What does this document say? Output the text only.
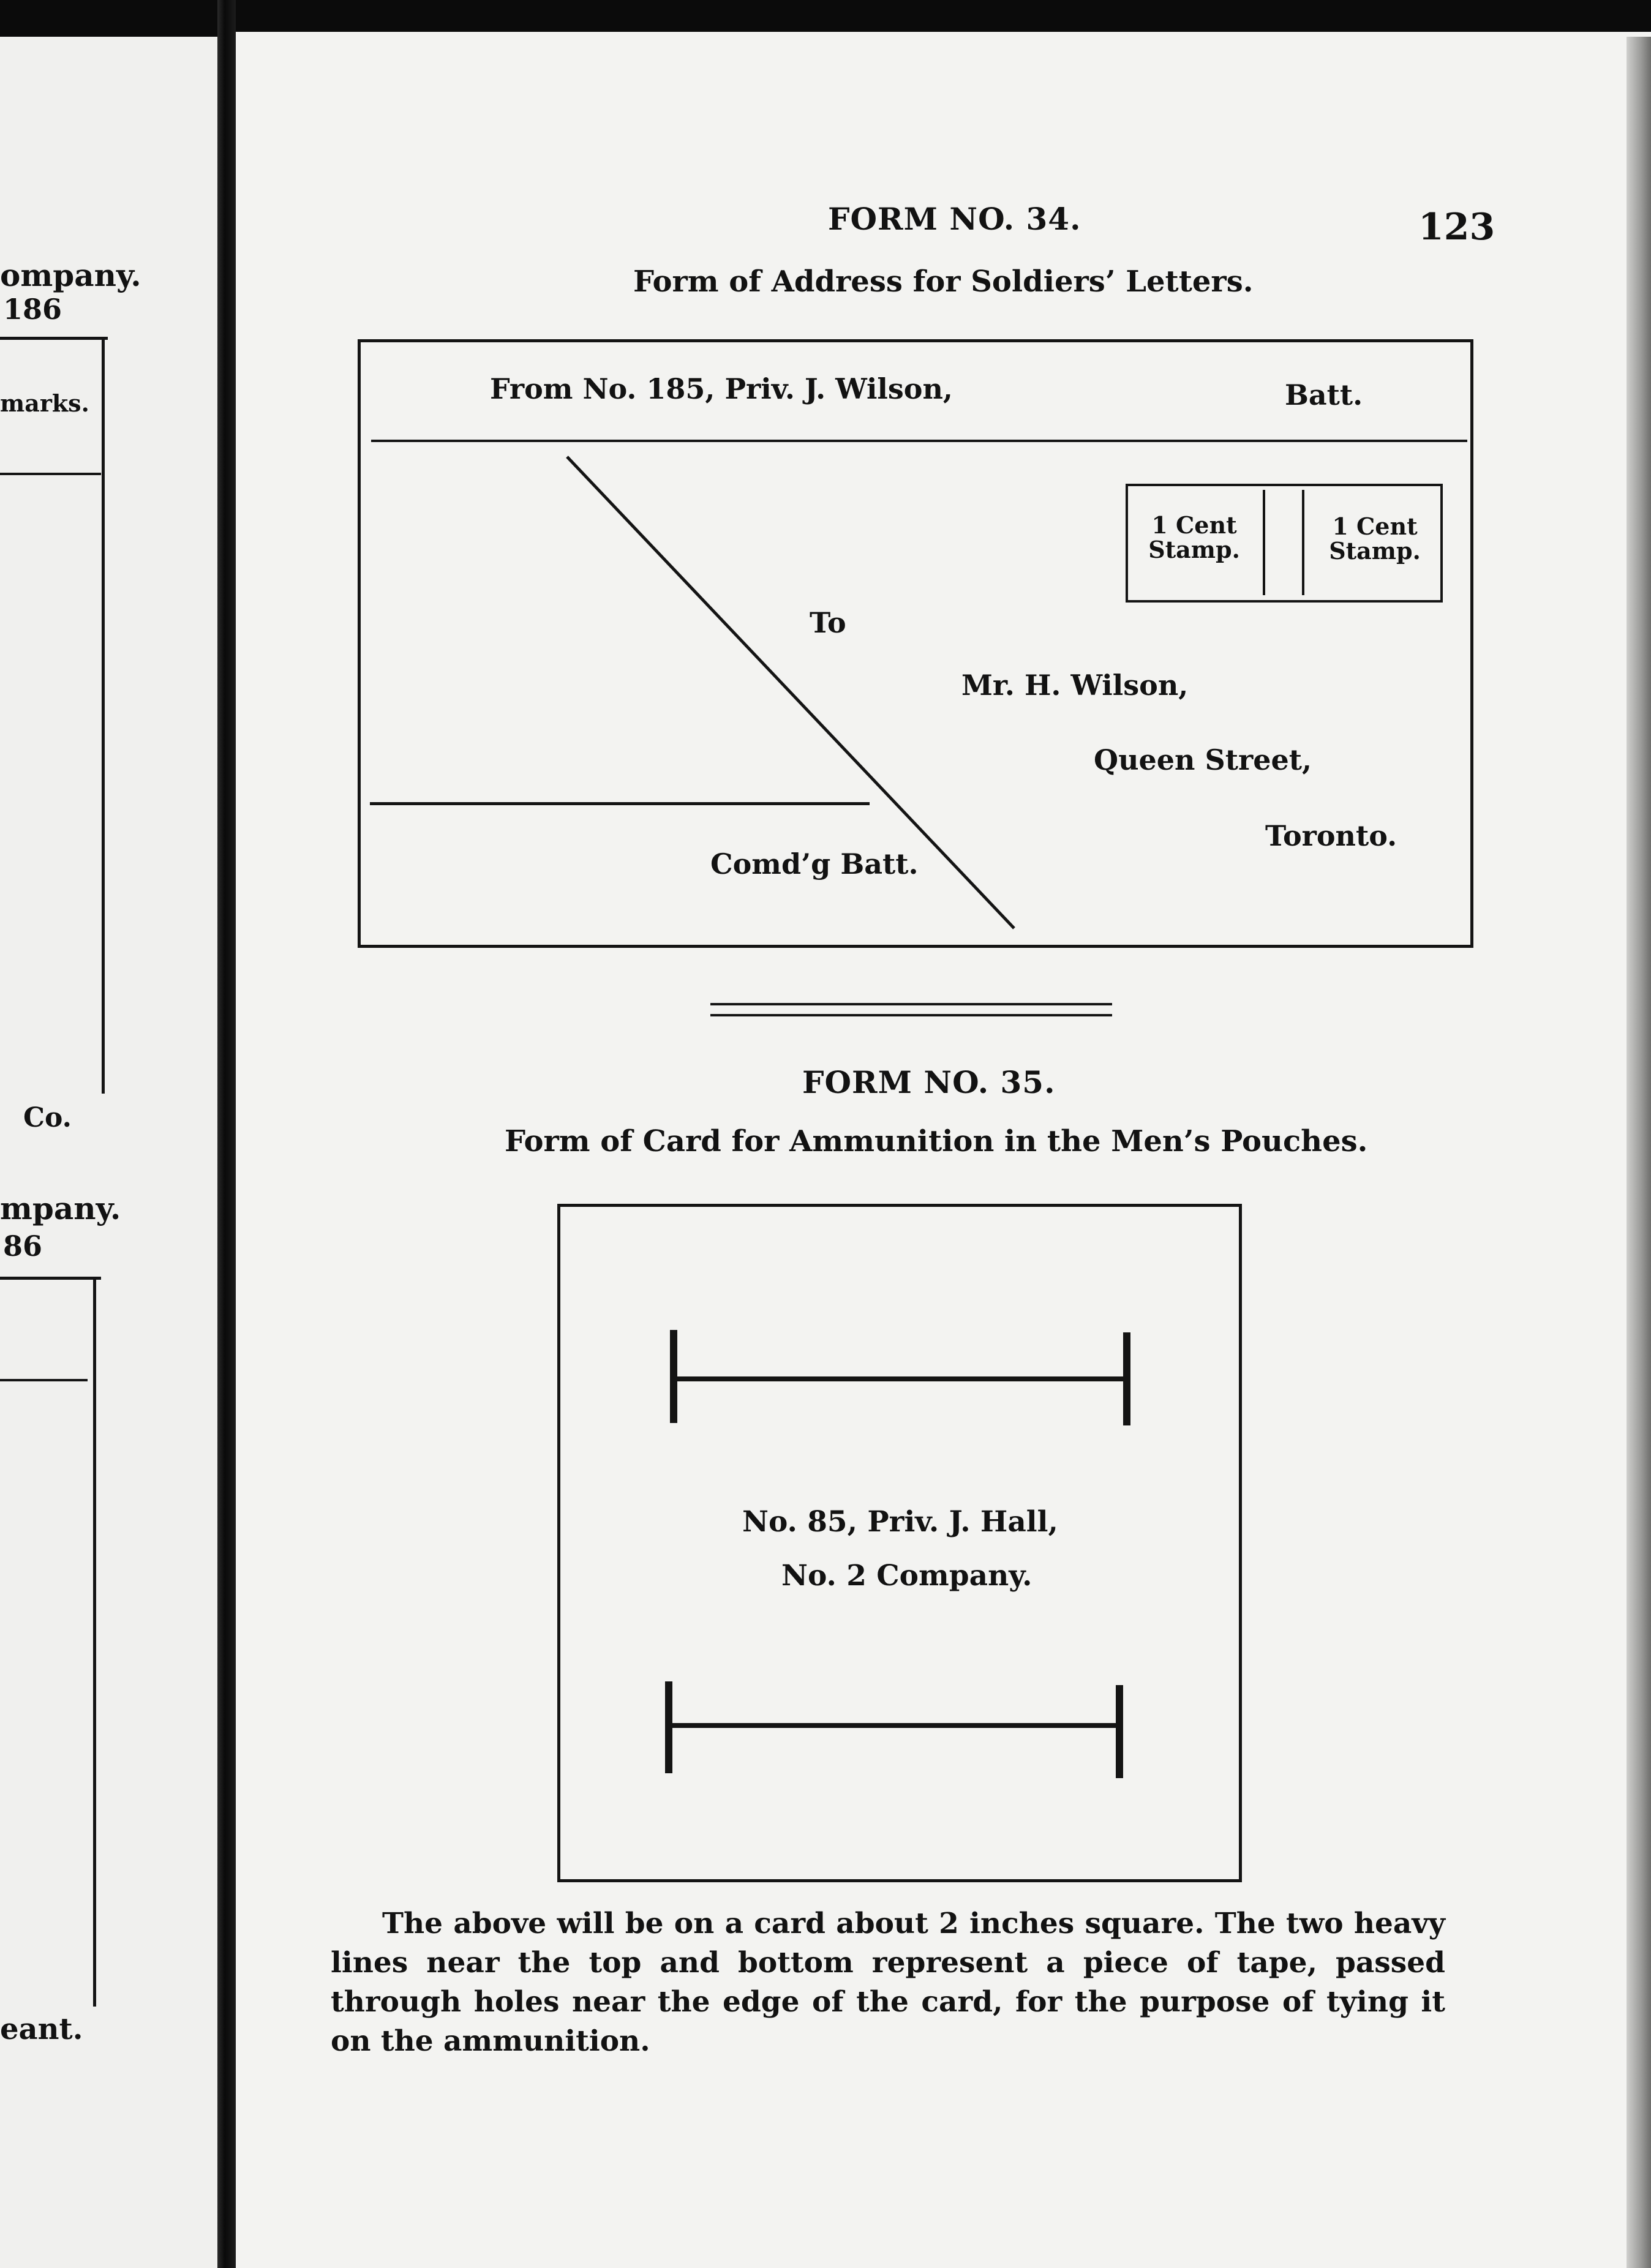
ompany.
186
marks.
Co.
mpany.
86
eant.
123
FORM NO. 34.
Form of Address for Soldiers’ Letters.
From No. 185, Priv. J. Wilson,	Batt.
1 Cent
Stamp.
1 Cent
Stamp.
To
Mr. H. Wilson,
Queen Street,
Toronto.
Comd’g Batt.
FORM NO. 35.
Form of Card for Ammunition in the Men’s Pouches.
No. 85, Priv. J. Hall,
No. 2 Company.
The above will be on a card about 2 inches square. The two heavy lines near the top and bottom represent a piece of tape, passed through holes near the edge of the card, for the purpose of tying it on the ammunition.
